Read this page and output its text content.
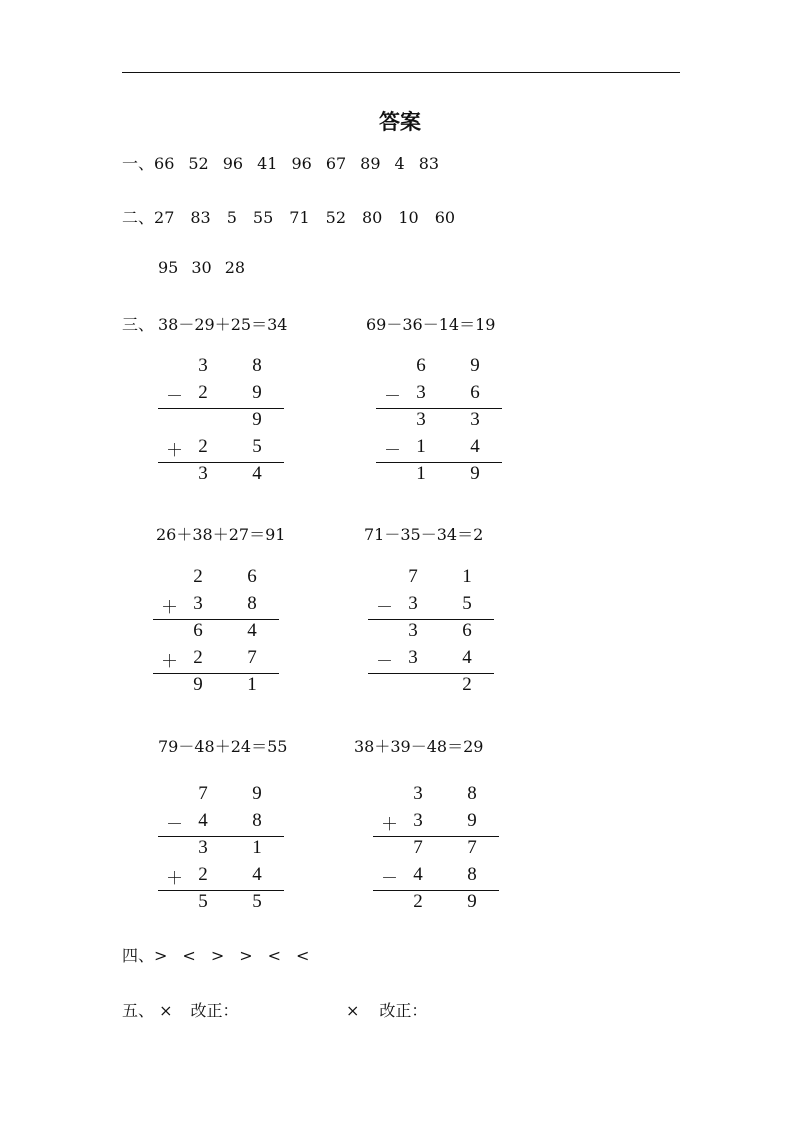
答案
一、66 52 96 41 96 67 89 4 83
二、27 83 5 55 71 52 80 10 60
95 30 28
三、 38－29＋25＝34
3 8
2 9
9
2 5
3 4
－
＋
69－36－14＝19
6 9
3 6
3 3
1 4
1 9
－
－
26＋38＋27＝91
2 6
3 8
6 4
2 7
9 1
＋
＋
71－35－34＝2
7 1
3 5
3 6
3 4
2
－
－
79－48＋24＝55
7 9
4 8
3 1
2 4
5 5
－
＋
38＋39－48＝29
3 8
3 9
7 7
4 8
2 9
＋
－
四、> < > > < <
五、 × 改正：	× 改正：
